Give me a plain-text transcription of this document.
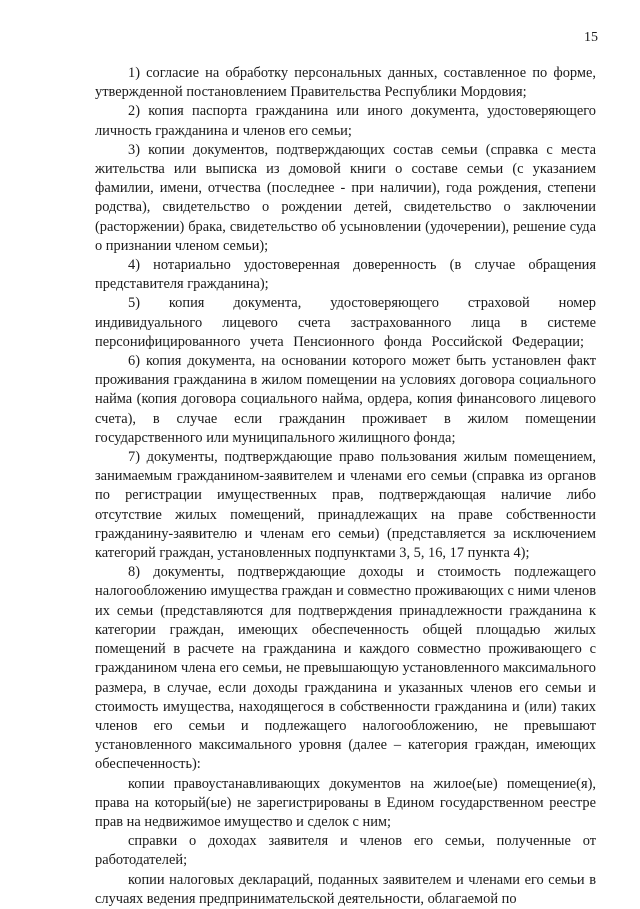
15

1) согласие на обработку персональных данных, составленное по форме, утвержденной постановлением Правительства Республики Мордовия;

2) копия паспорта гражданина или иного документа, удостоверяющего личность гражданина и членов его семьи;

3) копии документов, подтверждающих состав семьи (справка с места жительства или выписка из домовой книги о составе семьи (с указанием фамилии, имени, отчества (последнее - при наличии), года рождения, степени родства), свидетельство о рождении детей, свидетельство о заключении (расторжении) брака, свидетельство об усыновлении (удочерении), решение суда о признании членом семьи);

4) нотариально удостоверенная доверенность (в случае обращения представителя гражданина);

5) копия документа, удостоверяющего страховой номер индивидуального лицевого счета застрахованного лица в системе персонифицированного учета Пенсионного фонда Российской Федерации;

6) копия документа, на основании которого может быть установлен факт проживания гражданина в жилом помещении на условиях договора социального найма (копия договора социального найма, ордера, копия финансового лицевого счета), в случае если гражданин проживает в жилом помещении государственного или муниципального жилищного фонда;

7) документы, подтверждающие право пользования жилым помещением, занимаемым гражданином-заявителем и членами его семьи (справка из органов по регистрации имущественных прав, подтверждающая наличие либо отсутствие жилых помещений, принадлежащих на праве собственности гражданину-заявителю и членам его семьи) (представляется за исключением категорий граждан, установленных подпунктами 3, 5, 16, 17 пункта 4);

8) документы, подтверждающие доходы и стоимость подлежащего налогообложению имущества граждан и совместно проживающих с ними членов их семьи (представляются для подтверждения принадлежности гражданина к категории граждан, имеющих обеспеченность общей площадью жилых помещений в расчете на гражданина и каждого совместно проживающего с гражданином члена его семьи, не превышающую установленного максимального размера, в случае, если доходы гражданина и указанных членов его семьи и стоимость имущества, находящегося в собственности гражданина и (или) таких членов его семьи и подлежащего налогообложению, не превышают установленного максимального уровня (далее – категория граждан, имеющих обеспеченность):

копии правоустанавливающих документов на жилое(ые) помещение(я), права на который(ые) не зарегистрированы в Едином государственном реестре прав на недвижимое имущество и сделок с ним;

справки о доходах заявителя и членов его семьи, полученные от работодателей;

копии налоговых деклараций, поданных заявителем и членами его семьи в случаях ведения предпринимательской деятельности, облагаемой по
